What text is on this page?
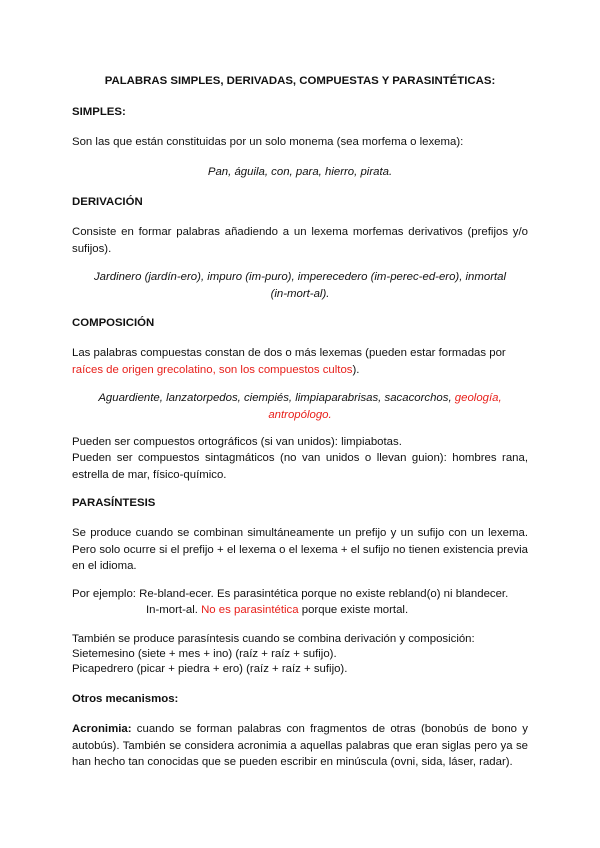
PALABRAS SIMPLES, DERIVADAS, COMPUESTAS Y PARASINTÉTICAS:
SIMPLES:
Son las que están constituidas por un solo monema (sea morfema o lexema):
Pan, águila, con, para, hierro, pirata.
DERIVACIÓN
Consiste en formar palabras añadiendo a un lexema morfemas derivativos (prefijos y/o sufijos).
Jardinero (jardín-ero), impuro (im-puro), imperecedero (im-perec-ed-ero), inmortal
(in-mort-al).
COMPOSICIÓN
Las palabras compuestas constan de dos o más lexemas (pueden estar formadas por
raíces de origen grecolatino, son los compuestos cultos).
Aguardiente, lanzatorpedos, ciempiés, limpiaparabrisas, sacacorchos, geología,
antropólogo.
Pueden ser compuestos ortográficos (si van unidos): limpiabotas.
Pueden ser compuestos sintagmáticos (no van unidos o llevan guion): hombres rana, estrella de mar, físico-químico.
PARASÍNTESIS
Se produce cuando se combinan simultáneamente un prefijo y un sufijo con un lexema. Pero solo ocurre si el prefijo + el lexema o el lexema + el sufijo no tienen existencia previa en el idioma.
Por ejemplo: Re-bland-ecer. Es parasintética porque no existe rebland(o) ni blandecer.
In-mort-al. No es parasintética porque existe mortal.
También se produce parasíntesis cuando se combina derivación y composición:
Sietemesino (siete + mes + ino) (raíz + raíz + sufijo).
Picapedrero (picar + piedra + ero) (raíz + raíz + sufijo).
Otros mecanismos:
Acronimia: cuando se forman palabras con fragmentos de otras (bonobús de bono y autobús). También se considera acronimia a aquellas palabras que eran siglas pero ya se han hecho tan conocidas que se pueden escribir en minúscula (ovni, sida, láser, radar).
